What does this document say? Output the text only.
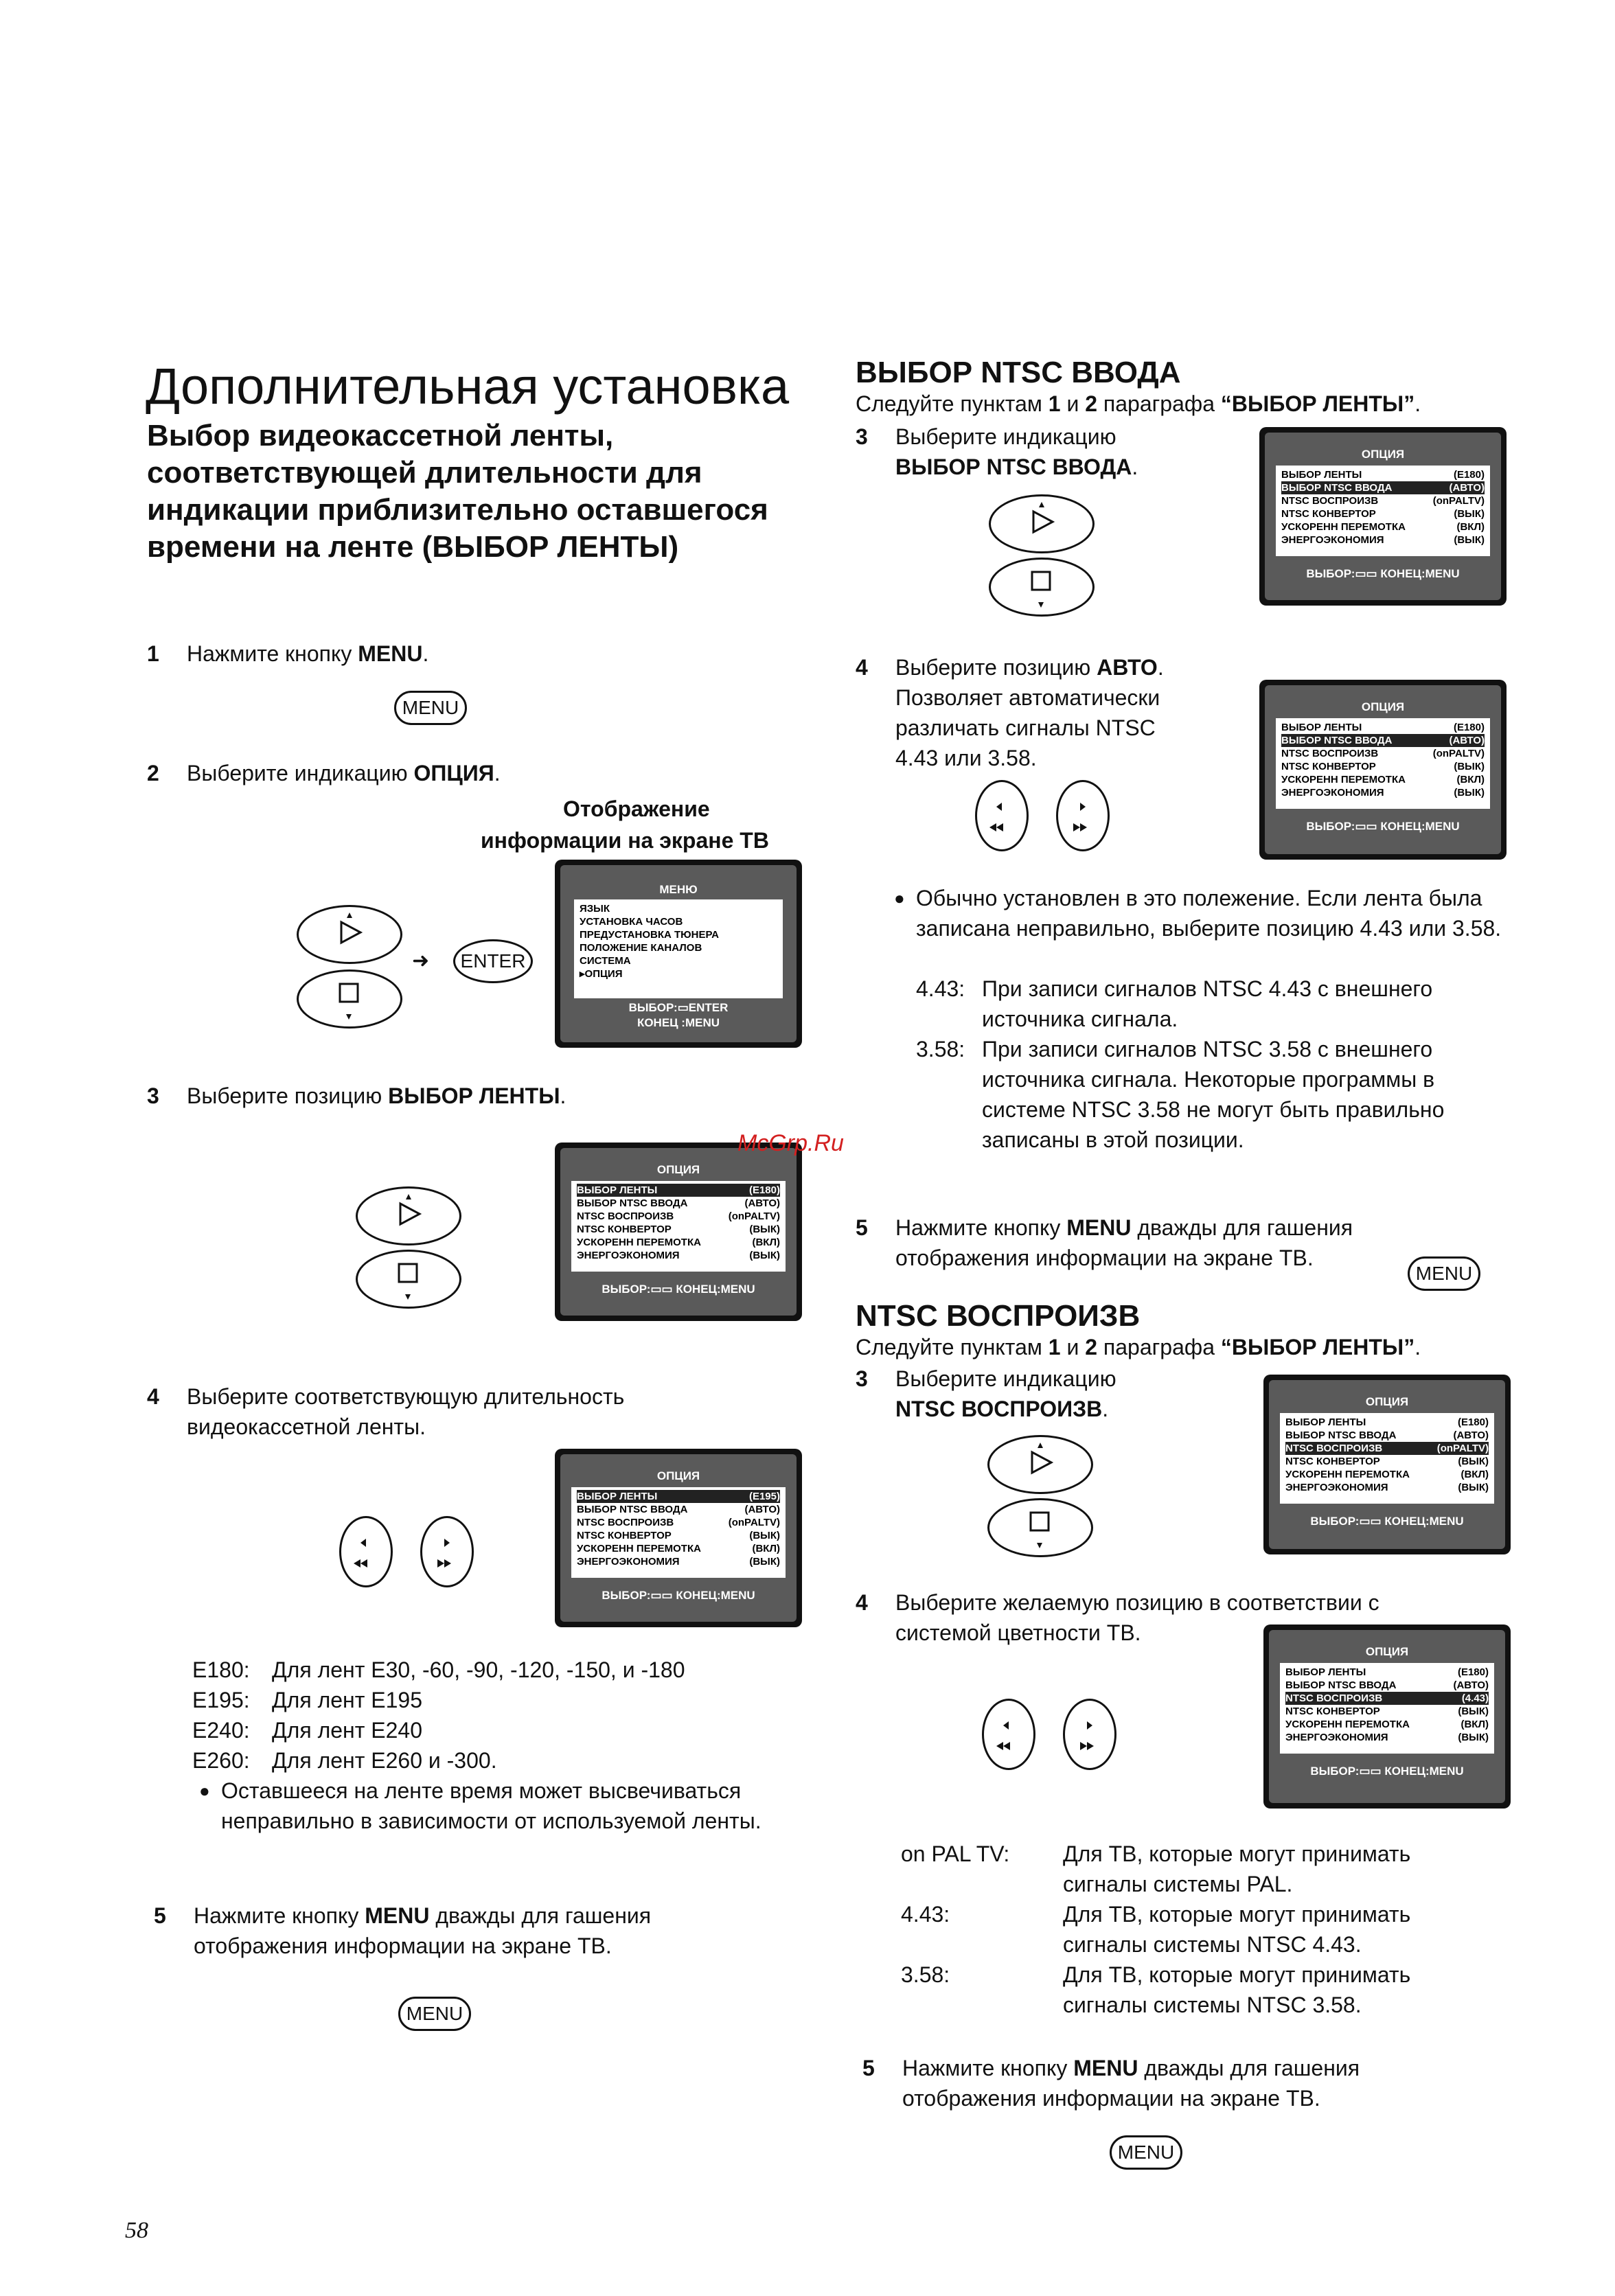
Дополнительная установка
Выбор видеокассетной ленты, соответствующей длительности для индикации приблизительно оставшегося времени на ленте (ВЫБОР ЛЕНТЫ)
1 Нажмите кнопку MENU.
MENU
2 Выберите индикацию ОПЦИЯ.
Отображение
информации на экране ТВ
➜	ENTER
МЕНЮ
ЯЗЫК
УСТАНОВКА ЧАСОВ
ПРЕДУСТАНОВКА ТЮНЕРА
ПОЛОЖЕНИЕ КАНАЛОВ
СИСТЕМА
▸ОПЦИЯ
ВЫБОР:▭ENTER
КОНЕЦ :MENU
3 Выберите позицию ВЫБОР ЛЕНТЫ.
ОПЦИЯ
ВЫБОР ЛЕНТЫ	(E180)
ВЫБОР NTSC ВВОДА	(АВТО)
NTSC ВОСПРОИЗВ	(onPALTV)
NTSC КОНВЕРТОР	(ВЫК)
УСКОРЕНН ПЕРЕМОТКА	(ВКЛ)
ЭНЕРГОЭКОНОМИЯ	(ВЫК)
ВЫБОР:▭▭ КОНЕЦ:MENU
4 Выберите соответствующую длительность видеокассетной ленты.
ОПЦИЯ
ВЫБОР ЛЕНТЫ	(E195)
ВЫБОР NTSC ВВОДА	(АВТО)
NTSC ВОСПРОИЗВ	(onPALTV)
NTSC КОНВЕРТОР	(ВЫК)
УСКОРЕНН ПЕРЕМОТКА	(ВКЛ)
ЭНЕРГОЭКОНОМИЯ	(ВЫК)
ВЫБОР:▭▭ КОНЕЦ:MENU
E180: Для лент E30, -60, -90, -120, -150, и -180
E195: Для лент E195
E240: Для лент E240
E260: Для лент E260 и -300.
● Оставшееся на ленте время может высвечиваться неправильно в зависимости от используемой ленты.
5 Нажмите кнопку MENU дважды для гашения отображения информации на экране ТВ.
MENU
ВЫБОР NTSC ВВОДА
Следуйте пунктам 1 и 2 параграфа “ВЫБОР ЛЕНТЫ”.
3 Выберите индикацию
ВЫБОР NTSC ВВОДА.
ОПЦИЯ
ВЫБОР ЛЕНТЫ	(E180)
ВЫБОР NTSC ВВОДА	(АВТО)
NTSC ВОСПРОИЗВ	(onPALTV)
NTSC КОНВЕРТОР	(ВЫК)
УСКОРЕНН ПЕРЕМОТКА	(ВКЛ)
ЭНЕРГОЭКОНОМИЯ	(ВЫК)
ВЫБОР:▭▭ КОНЕЦ:MENU
4 Выберите позицию АВТО.
Позволяет автоматически
различать сигналы NTSC
4.43 или 3.58.
ОПЦИЯ
ВЫБОР ЛЕНТЫ	(E180)
ВЫБОР NTSC ВВОДА	(АВТО)
NTSC ВОСПРОИЗВ	(onPALTV)
NTSC КОНВЕРТОР	(ВЫК)
УСКОРЕНН ПЕРЕМОТКА	(ВКЛ)
ЭНЕРГОЭКОНОМИЯ	(ВЫК)
ВЫБОР:▭▭ КОНЕЦ:MENU
● Обычно установлен в это полежение. Если лента была записана неправильно, выберите позицию 4.43 или 3.58.
4.43: При записи сигналов NTSC 4.43 с внешнего источника сигнала.
3.58: При записи сигналов NTSC 3.58 с внешнего источника сигнала. Некоторые программы в системе NTSC 3.58 не могут быть правильно записаны в этой позиции.
5 Нажмите кнопку MENU дважды для гашения отображения информации на экране ТВ.
MENU
NTSC ВОСПРОИЗВ
Следуйте пунктам 1 и 2 параграфа “ВЫБОР ЛЕНТЫ”.
3 Выберите индикацию
NTSC ВОСПРОИЗВ.	ОПЦИЯ
ВЫБОР ЛЕНТЫ	(E180)
ВЫБОР NTSC ВВОДА	(АВТО)
NTSC ВОСПРОИЗВ	(onPALTV)
NTSC КОНВЕРТОР	(ВЫК)
УСКОРЕНН ПЕРЕМОТКА	(ВКЛ)
ЭНЕРГОЭКОНОМИЯ	(ВЫК)
ВЫБОР:▭▭ КОНЕЦ:MENU
4 Выберите желаемую позицию в соответствии с
системой цветности ТВ.
ОПЦИЯ
ВЫБОР ЛЕНТЫ	(E180)
ВЫБОР NTSC ВВОДА	(АВТО)
NTSC ВОСПРОИЗВ	(4.43)
NTSC КОНВЕРТОР	(ВЫК)
УСКОРЕНН ПЕРЕМОТКА	(ВКЛ)
ЭНЕРГОЭКОНОМИЯ	(ВЫК)
ВЫБОР:▭▭ КОНЕЦ:MENU
on PAL TV: Для ТВ, которые могут принимать
сигналы системы PAL.
4.43:	Для ТВ, которые могут принимать
сигналы системы NTSC 4.43.
3.58:	Для ТВ, которые могут принимать
сигналы системы NTSC 3.58.
5 Нажмите кнопку MENU дважды для гашения
отображения информации на экране ТВ.
MENU
McGrp.Ru
58
